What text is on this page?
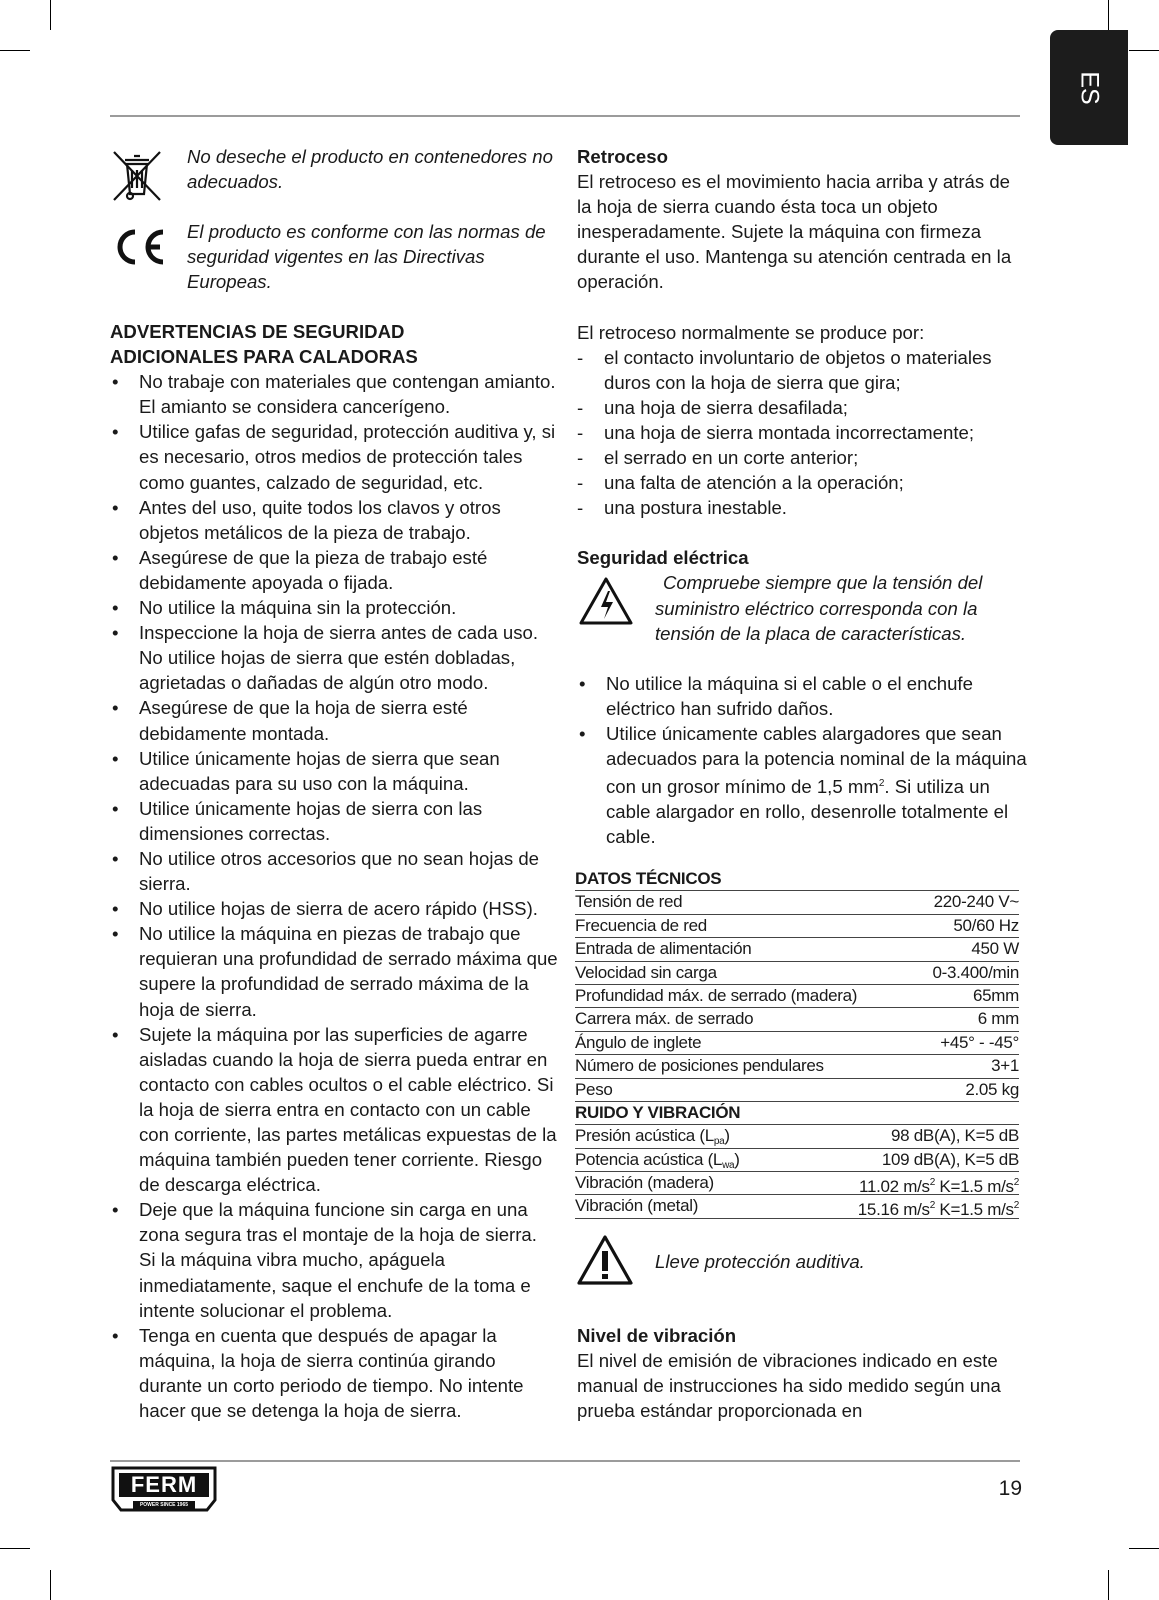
ES

No deseche el producto en contenedores no adecuados.

El producto es conforme con las normas de seguridad vigentes en las Directivas Europeas.

ADVERTENCIAS DE SEGURIDAD

ADICIONALES PARA CALADORAS

• No trabaje con materiales que contengan amianto. El amianto se considera cancerígeno.
• Utilice gafas de seguridad, protección auditiva y, si es necesario, otros medios de protección tales como guantes, calzado de seguridad, etc.
• Antes del uso, quite todos los clavos y otros objetos metálicos de la pieza de trabajo.
• Asegúrese de que la pieza de trabajo esté debidamente apoyada o fijada.
• No utilice la máquina sin la protección.
• Inspeccione la hoja de sierra antes de cada uso. No utilice hojas de sierra que estén dobladas, agrietadas o dañadas de algún otro modo.
• Asegúrese de que la hoja de sierra esté debidamente montada.
• Utilice únicamente hojas de sierra que sean adecuadas para su uso con la máquina.
• Utilice únicamente hojas de sierra con las dimensiones correctas.
• No utilice otros accesorios que no sean hojas de sierra.
• No utilice hojas de sierra de acero rápido (HSS).
• No utilice la máquina en piezas de trabajo que requieran una profundidad de serrado máxima que supere la profundidad de serrado máxima de la hoja de sierra.
• Sujete la máquina por las superficies de agarre aisladas cuando la hoja de sierra pueda entrar en contacto con cables ocultos o el cable eléctrico. Si la hoja de sierra entra en contacto con un cable con corriente, las partes metálicas expuestas de la máquina también pueden tener corriente. Riesgo de descarga eléctrica.
• Deje que la máquina funcione sin carga en una zona segura tras el montaje de la hoja de sierra. Si la máquina vibra mucho, apáguela inmediatamente, saque el enchufe de la toma e intente solucionar el problema.
• Tenga en cuenta que después de apagar la máquina, la hoja de sierra continúa girando durante un corto periodo de tiempo. No intente hacer que se detenga la hoja de sierra.

Retroceso

El retroceso es el movimiento hacia arriba y atrás de la hoja de sierra cuando ésta toca un objeto inesperadamente. Sujete la máquina con firmeza durante el uso. Mantenga su atención centrada en la operación.

El retroceso normalmente se produce por:

- el contacto involuntario de objetos o materiales duros con la hoja de sierra que gira;
- una hoja de sierra desafilada;
- una hoja de sierra montada incorrectamente;
- el serrado en un corte anterior;
- una falta de atención a la operación;
- una postura inestable.

Seguridad eléctrica

Compruebe siempre que la tensión del suministro eléctrico corresponda con la tensión de la placa de características.

• No utilice la máquina si el cable o el enchufe eléctrico han sufrido daños.
• Utilice únicamente cables alargadores que sean adecuados para la potencia nominal de la máquina con un grosor mínimo de 1,5 $mm^2$. Si utiliza un cable alargador en rollo, desenrolle totalmente el cable.
DATOS TÉCNICOS
Tensión de red	220-240 V~
Frecuencia de red	50/60 Hz
Entrada de alimentación	450 W
Velocidad sin carga	0-3.400/min
Profundidad máx. de serrado (madera)	65mm
Carrera máx. de serrado	6 mm
Ángulo de inglete	+45° - -45°
Número de posiciones pendulares	3+1
Peso	2.05 kg
RUIDO Y VIBRACIÓN
Presión acústica $(L_{pa})$	98 dB(A), K=5 dB
Potencia acústica $(L_{wa})$	109 dB(A), K=5 dB
Vibración (madera)	11.02 $m/s^2$ K=1.5 $m/s^2$
Vibración (metal)	15.16 $m/s^2$ K=1.5 $m/s^2$

Lleve protección auditiva.

Nivel de vibración

El nivel de emisión de vibraciones indicado en este manual de instrucciones ha sido medido según una prueba estándar proporcionada en

FERM
POWER SINCE 1965
19
